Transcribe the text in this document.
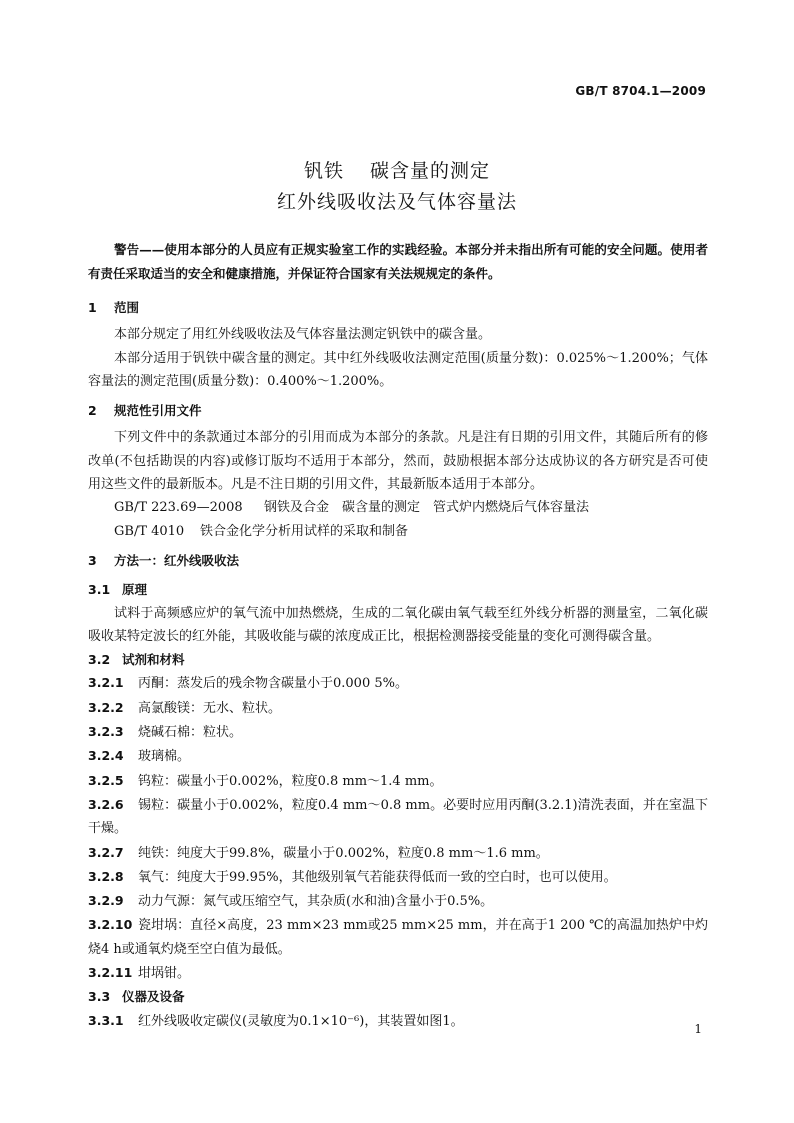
GB/T 8704.1—2009
钒铁 碳含量的测定
红外线吸收法及气体容量法

警告——使用本部分的人员应有正规实验室工作的实践经验。本部分并未指出所有可能的安全问题。使用者有责任采取适当的安全和健康措施，并保证符合国家有关法规规定的条件。

1 范围

本部分规定了用红外线吸收法及气体容量法测定钒铁中的碳含量。

本部分适用于钒铁中碳含量的测定。其中红外线吸收法测定范围(质量分数)：0.025%～1.200%；气体容量法的测定范围(质量分数)：0.400%～1.200%。

2 规范性引用文件

下列文件中的条款通过本部分的引用而成为本部分的条款。凡是注有日期的引用文件，其随后所有的修改单(不包括勘误的内容)或修订版均不适用于本部分，然而，鼓励根据本部分达成协议的各方研究是否可使用这些文件的最新版本。凡是不注日期的引用文件，其最新版本适用于本部分。

GB/T 223.69—2008 钢铁及合金　碳含量的测定　管式炉内燃烧后气体容量法

GB/T 4010 铁合金化学分析用试样的采取和制备

3 方法一：红外线吸收法
3.1 原理

试料于高频感应炉的氧气流中加热燃烧，生成的二氧化碳由氧气载至红外线分析器的测量室，二氧化碳吸收某特定波长的红外能，其吸收能与碳的浓度成正比，根据检测器接受能量的变化可测得碳含量。

3.2 试剂和材料

3.2.1 丙酮：蒸发后的残余物含碳量小于0.000 5%。

3.2.2 高氯酸镁：无水、粒状。

3.2.3 烧碱石棉：粒状。

3.2.4 玻璃棉。

3.2.5 钨粒：碳量小于0.002%，粒度0.8 mm～1.4 mm。

3.2.6 锡粒：碳量小于0.002%，粒度0.4 mm～0.8 mm。必要时应用丙酮(3.2.1)清洗表面，并在室温下干燥。

3.2.7 纯铁：纯度大于99.8%，碳量小于0.002%，粒度0.8 mm～1.6 mm。

3.2.8 氧气：纯度大于99.95%，其他级别氧气若能获得低而一致的空白时，也可以使用。

3.2.9 动力气源：氮气或压缩空气，其杂质(水和油)含量小于0.5%。

3.2.10 瓷坩埚：直径×高度，23 mm×23 mm或25 mm×25 mm，并在高于1 200 ℃的高温加热炉中灼烧4 h或通氧灼烧至空白值为最低。

3.2.11 坩埚钳。

3.3 仪器及设备

3.3.1 红外线吸收定碳仪(灵敏度为0.1×10⁻⁶)，其装置如图1。

1
